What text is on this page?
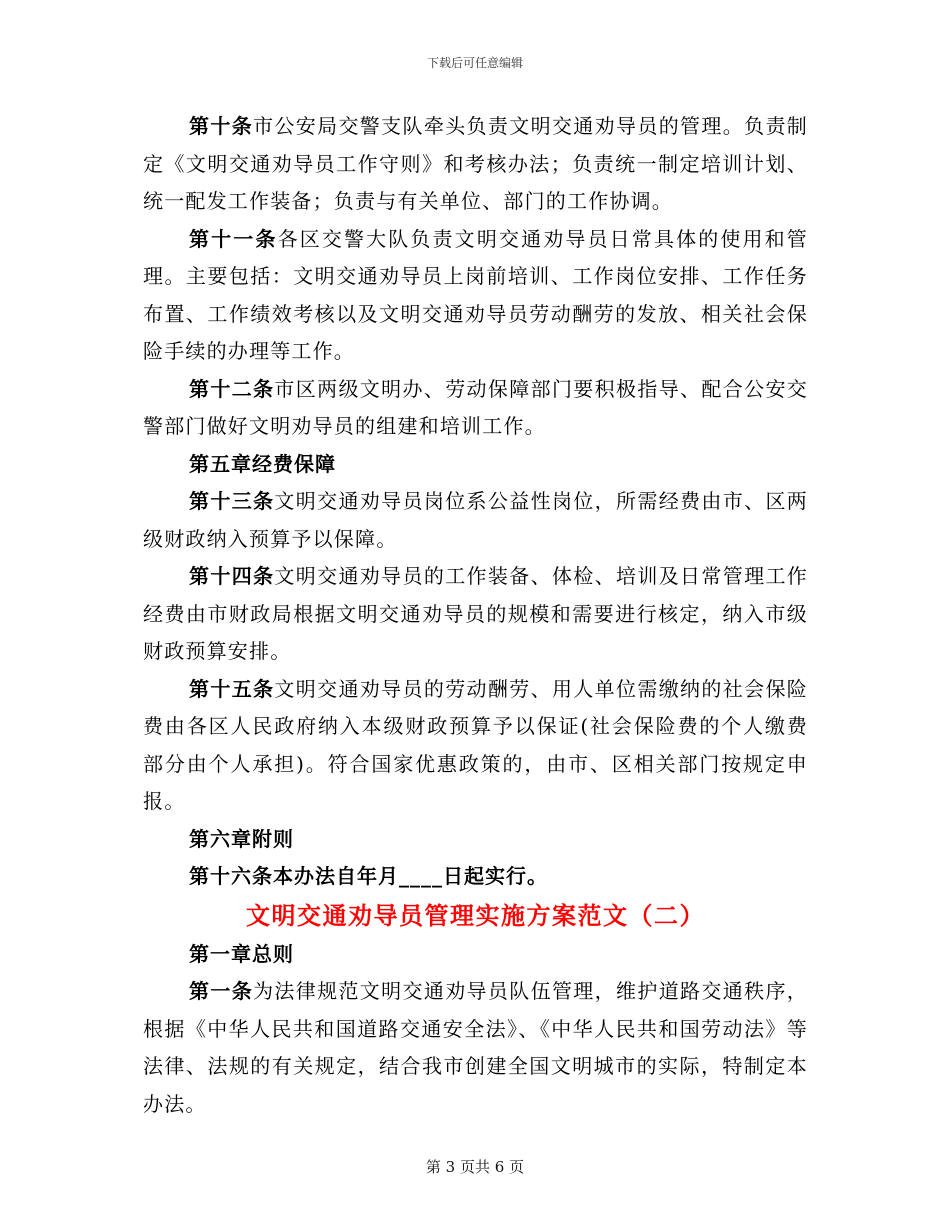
下载后可任意编辑

第十条市公安局交警支队牵头负责文明交通劝导员的管理。负责制定《文明交通劝导员工作守则》和考核办法；负责统一制定培训计划、统一配发工作装备；负责与有关单位、部门的工作协调。

第十一条各区交警大队负责文明交通劝导员日常具体的使用和管理。主要包括：文明交通劝导员上岗前培训、工作岗位安排、工作任务布置、工作绩效考核以及文明交通劝导员劳动酬劳的发放、相关社会保险手续的办理等工作。

第十二条市区两级文明办、劳动保障部门要积极指导、配合公安交警部门做好文明劝导员的组建和培训工作。

第五章经费保障

第十三条文明交通劝导员岗位系公益性岗位，所需经费由市、区两级财政纳入预算予以保障。

第十四条文明交通劝导员的工作装备、体检、培训及日常管理工作经费由市财政局根据文明交通劝导员的规模和需要进行核定，纳入市级财政预算安排。

第十五条文明交通劝导员的劳动酬劳、用人单位需缴纳的社会保险费由各区人民政府纳入本级财政预算予以保证(社会保险费的个人缴费部分由个人承担)。符合国家优惠政策的，由市、区相关部门按规定申报。

第六章附则

第十六条本办法自年月____日起实行。

文明交通劝导员管理实施方案范文（二）

第一章总则

第一条为法律规范文明交通劝导员队伍管理，维护道路交通秩序，根据《中华人民共和国道路交通安全法》、《中华人民共和国劳动法》等法律、法规的有关规定，结合我市创建全国文明城市的实际，特制定本办法。

第 3 页共 6 页
